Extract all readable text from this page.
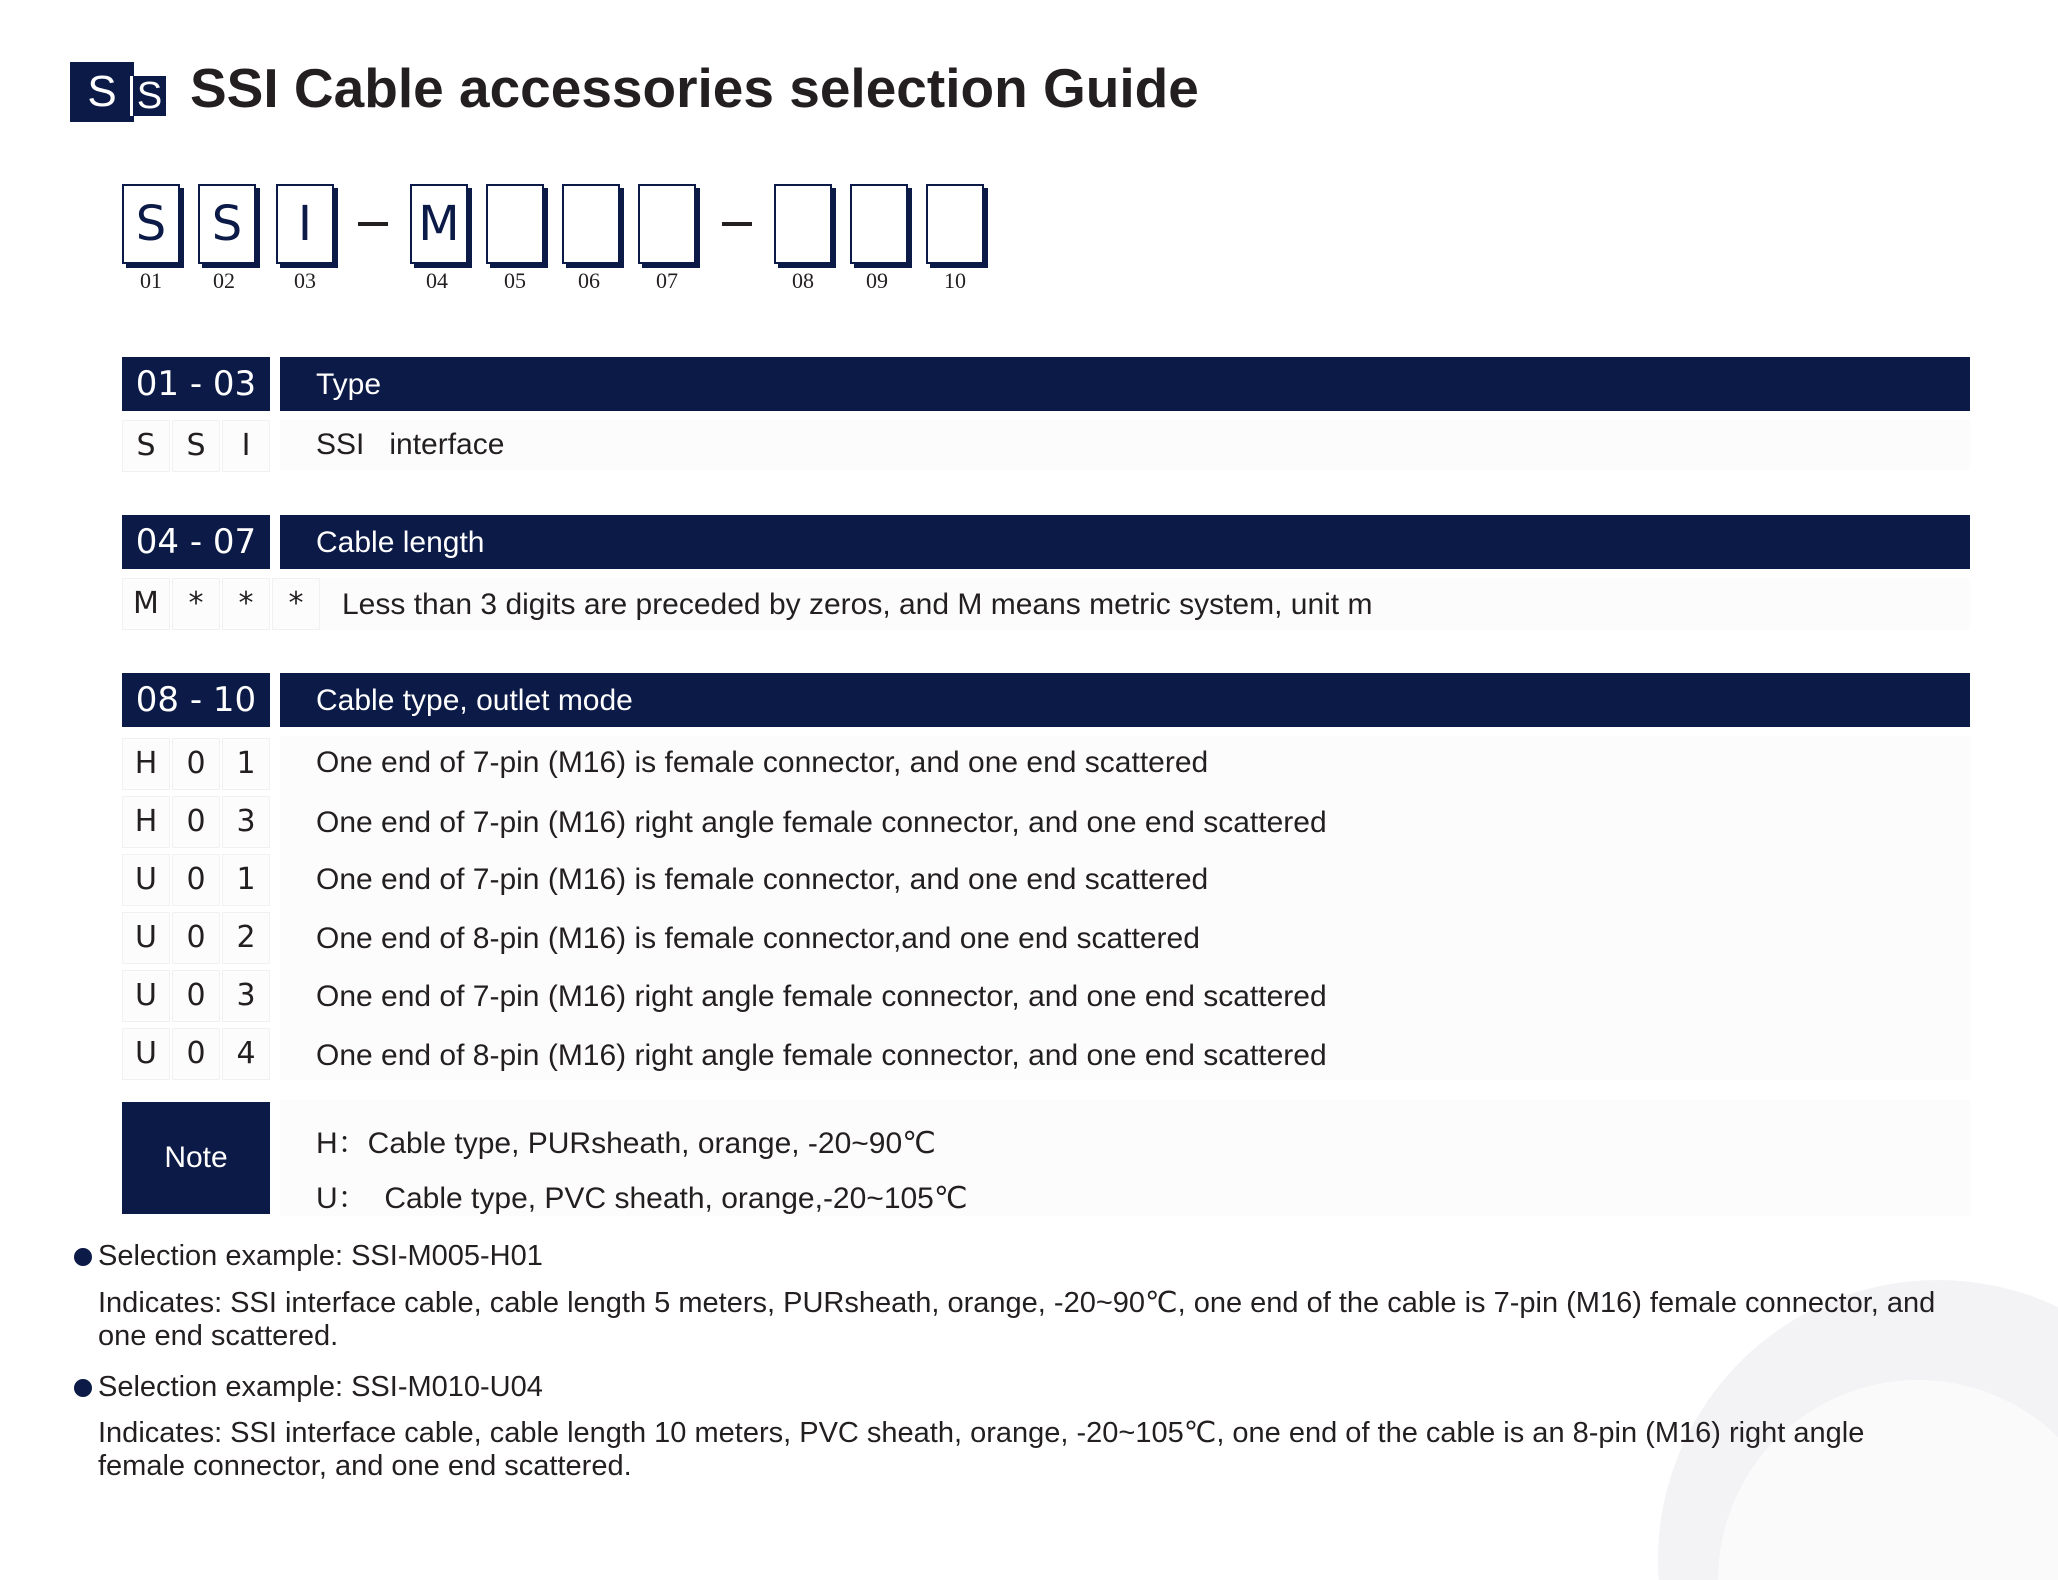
S S SSI Cable accessories selection Guide
S
01
S
02
I
03
M
04	05	06	07	08	09	10
01 - 03	Type
S	S	I	SSI   interface
04 - 07	Cable length
M *	*	*	Less than 3 digits are preceded by zeros, and M means metric system, unit m
08 - 10	Cable type, outlet mode
H 0	1	One end of 7-pin (M16) is female connector, and one end scattered
H 0	3	One end of 7-pin (M16) right angle female connector, and one end scattered
U 0	1	One end of 7-pin (M16) is female connector, and one end scattered
U 0	2	One end of 8-pin (M16) is female connector,and one end scattered
U 0	3	One end of 7-pin (M16) right angle female connector, and one end scattered
U 0	4	One end of 8-pin (M16) right angle female connector, and one end scattered
Note	H：Cable type, PURsheath, orange, -20~90℃
U：  Cable type, PVC sheath, orange,-20~105℃
Selection example: SSI-M005-H01
Indicates: SSI interface cable, cable length 5 meters, PURsheath, orange, -20~90℃, one end of the cable is 7-pin (M16) female connector, and one end scattered.
Selection example: SSI-M010-U04
Indicates: SSI interface cable, cable length 10 meters, PVC sheath, orange, -20~105℃, one end of the cable is an 8-pin (M16) right angle female connector, and one end scattered.
